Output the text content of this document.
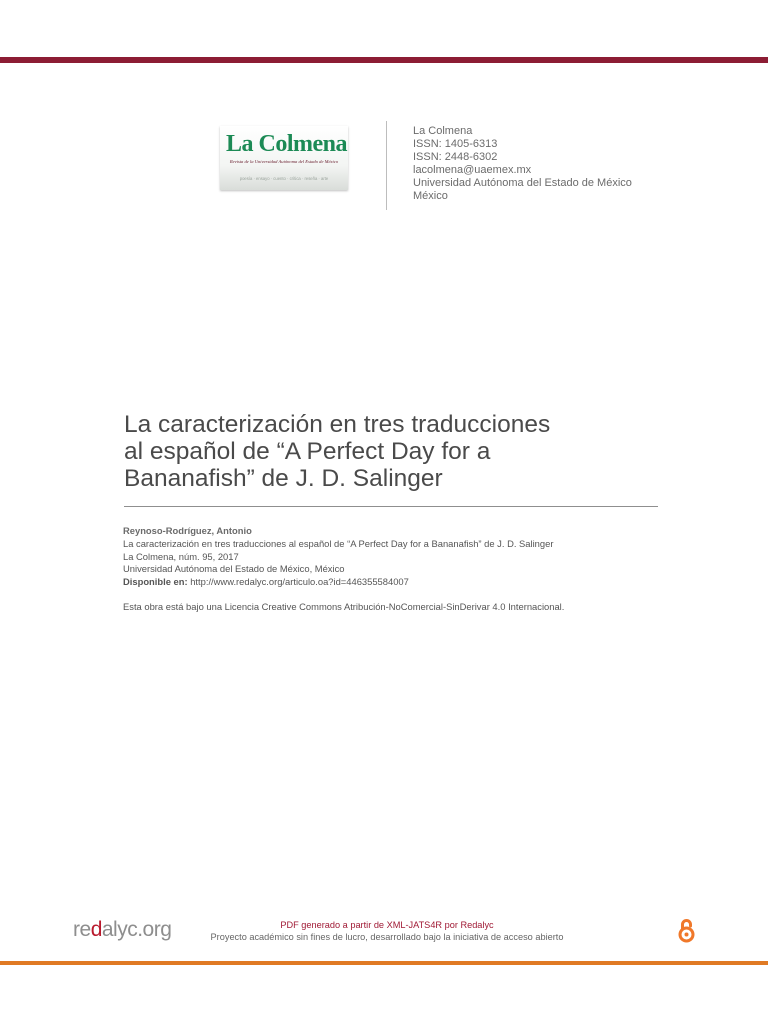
La Colmena
Revista de la Universidad Autónoma del Estado de México
poesía · ensayo · cuento · crítica · reseña · arte
La Colmena
ISSN: 1405-6313
ISSN: 2448-6302
lacolmena@uaemex.mx
Universidad Autónoma del Estado de México
México
La caracterización en tres traducciones
al español de “A Perfect Day for a
Bananafish” de J. D. Salinger
Reynoso-Rodríguez, Antonio
La caracterización en tres traducciones al español de “A Perfect Day for a Bananafish” de J. D. Salinger
La Colmena, núm. 95, 2017
Universidad Autónoma del Estado de México, México
Disponible en: http://www.redalyc.org/articulo.oa?id=446355584007
Esta obra está bajo una Licencia Creative Commons Atribución-NoComercial-SinDerivar 4.0 Internacional.
redalyc.org	PDF generado a partir de XML-JATS4R por Redalyc
Proyecto académico sin fines de lucro, desarrollado bajo la iniciativa de acceso abierto
